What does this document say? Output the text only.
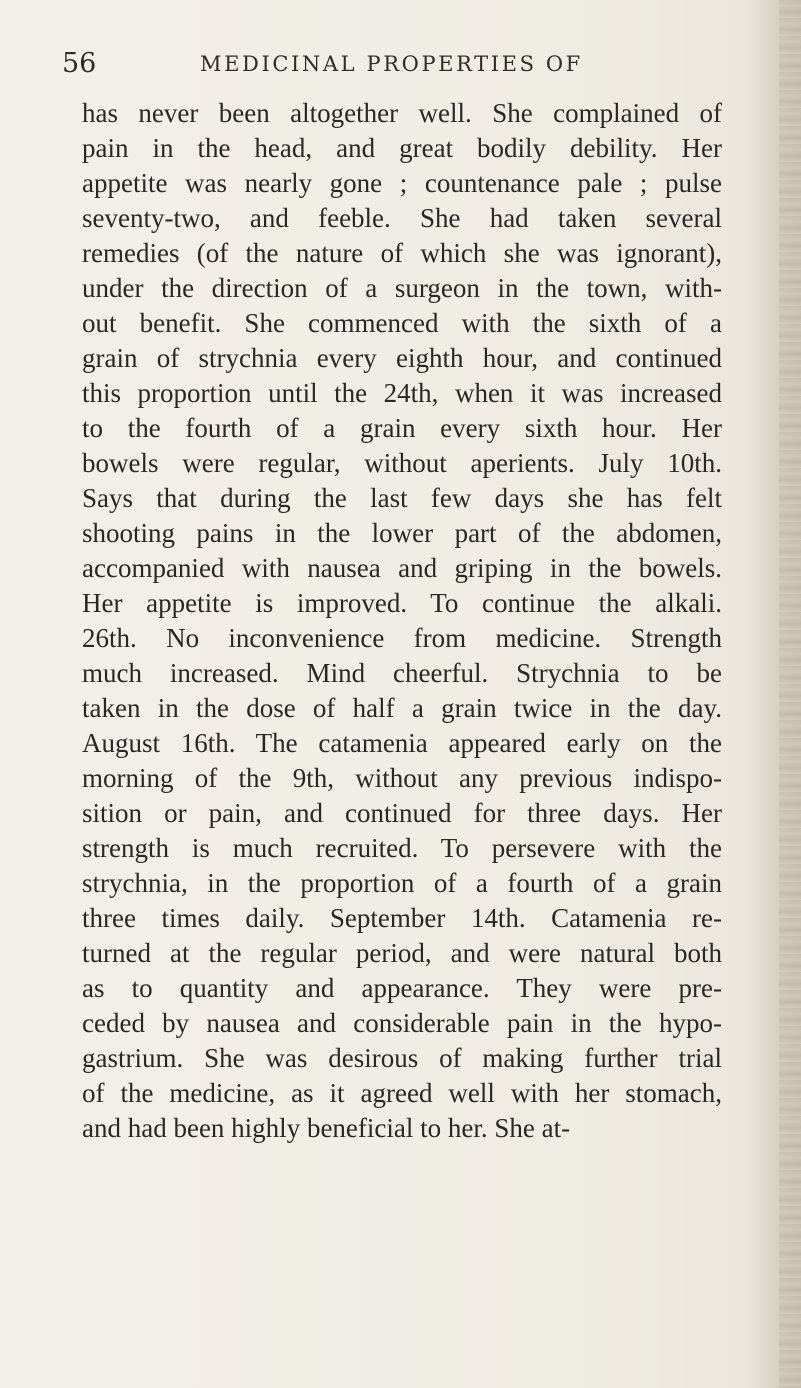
56	MEDICINAL PROPERTIES OF
has never been altogether well. She complained of
pain in the head, and great bodily debility. Her
appetite was nearly gone ; countenance pale ; pulse
seventy-two, and feeble. She had taken several
remedies (of the nature of which she was ignorant),
under the direction of a surgeon in the town, with-
out benefit. She commenced with the sixth of a
grain of strychnia every eighth hour, and continued
this proportion until the 24th, when it was increased
to the fourth of a grain every sixth hour. Her
bowels were regular, without aperients. July 10th.
Says that during the last few days she has felt
shooting pains in the lower part of the abdomen,
accompanied with nausea and griping in the bowels.
Her appetite is improved. To continue the alkali.
26th. No inconvenience from medicine. Strength
much increased. Mind cheerful. Strychnia to be
taken in the dose of half a grain twice in the day.
August 16th. The catamenia appeared early on the
morning of the 9th, without any previous indispo-
sition or pain, and continued for three days. Her
strength is much recruited. To persevere with the
strychnia, in the proportion of a fourth of a grain
three times daily. September 14th. Catamenia re-
turned at the regular period, and were natural both
as to quantity and appearance. They were pre-
ceded by nausea and considerable pain in the hypo-
gastrium. She was desirous of making further trial
of the medicine, as it agreed well with her stomach,
and had been highly beneficial to her. She at-
